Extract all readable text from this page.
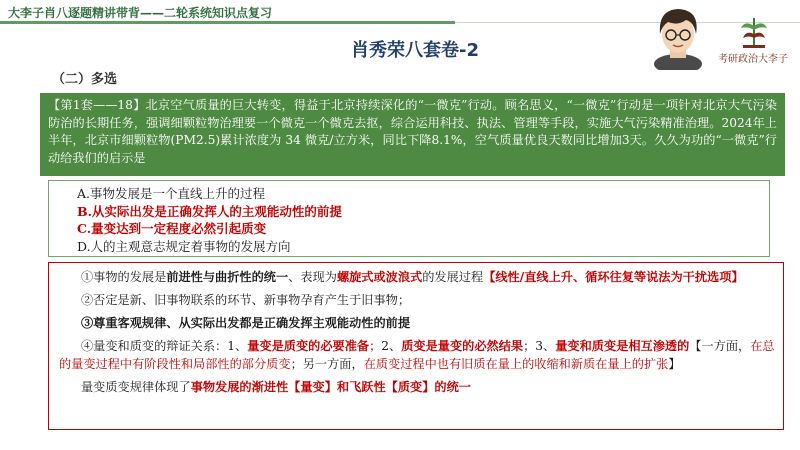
大李子肖八逐题精讲带背——二轮系统知识点复习
肖秀荣八套卷-2	考研政治大李子
（二）多选
【第1套——18】北京空气质量的巨大转变，得益于北京持续深化的“一微克”行动。顾名思义，“一微克”行动是一项针对北京大气污染防治的长期任务，强调细颗粒物治理要一个微克一个微克去抠，综合运用科技、执法、管理等手段，实施大气污染精准治理。2024年上半年，北京市细颗粒物(PM2.5)累计浓度为 34 微克/立方米，同比下降8.1%，空气质量优良天数同比增加3天。久久为功的“一微克”行动给我们的启示是
A.事物发展是一个直线上升的过程
B.从实际出发是正确发挥人的主观能动性的前提
C.量变达到一定程度必然引起质变
D.人的主观意志规定着事物的发展方向
①事物的发展是前进性与曲折性的统一、表现为螺旋式或波浪式的发展过程【线性/直线上升、循环往复等说法为干扰选项】
②否定是新、旧事物联系的环节、新事物孕育产生于旧事物；
③尊重客观规律、从实际出发都是正确发挥主观能动性的前提
④量变和质变的辩证关系：1、量变是质变的必要准备；2、质变是量变的必然结果；3、量变和质变是相互渗透的【一方面，在总的量变过程中有阶段性和局部性的部分质变；另一方面，在质变过程中也有旧质在量上的收缩和新质在量上的扩张】
量变质变规律体现了事物发展的渐进性【量变】和飞跃性【质变】的统一
